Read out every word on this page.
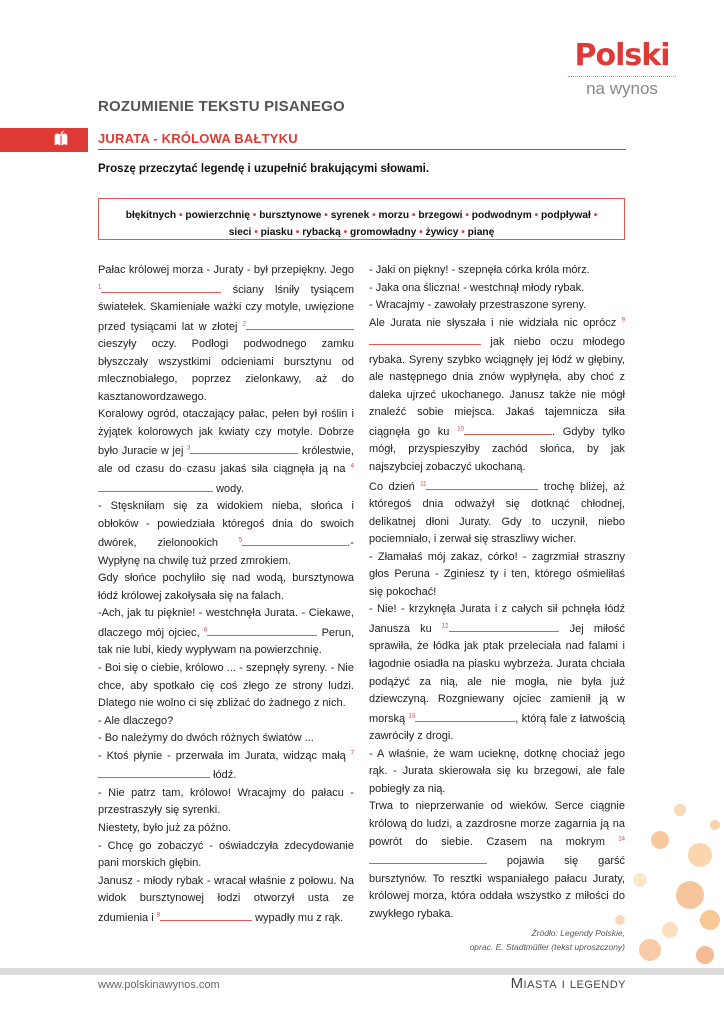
Polski
na wynos
ROZUMIENIE TEKSTU PISANEGO
JURATA - KRÓLOWA BAŁTYKU
Proszę przeczytać legendę i uzupełnić brakującymi słowami.
błękitnych • powierzchnię • bursztynowe • syrenek • morzu • brzegowi • podwodnym • podpływał •
sieci • piasku • rybacką • gromowładny • żywicy • pianę

Pałac królowej morza - Juraty - był przepiękny. Jego $^1$	ściany lśniły tysiącem światełek. Skamieniałe ważki czy motyle, uwięzione przed tysiącami lat w złotej $^2$ cieszyły oczy. Podłogi podwodnego zamku błyszczały wszystkimi odcieniami bursztynu od mlecznobiałego, poprzez zielonkawy, aż do kasztanowordzawego.

Koralowy ogród, otaczający pałac, pełen był roślin i żyjątek kolorowych jak kwiaty czy motyle. Dobrze było Juracie w jej $^3$	królestwie, ale od czasu do czasu jakaś siła ciągnęła ją na $^4$ wody.

- Stęskniłam się za widokiem nieba, słońca i obłoków - powiedziała któregoś dnia do swoich dwórek, zielonookich	$^5$	.- Wypłynę na chwilę tuż przed zmrokiem.

Gdy słońce pochyliło się nad wodą, bursztynowa łódź królowej zakołysała się na falach.

-Ach, jak tu pięknie! - westchnęła Jurata. - Ciekawe, dlaczego mój ojciec, $^6$	Perun, tak nie lubi, kiedy wypływam na powierzchnię.

- Boi się o ciebie, królowo ... - szepnęły syreny. - Nie chce, aby spotkało cię coś złego ze strony ludzi. Dlatego nie wolno ci się zbliżać do żadnego z nich.

- Ale dlaczego?

- Bo należymy do dwóch różnych światów ...

- Ktoś płynie - przerwała im Jurata, widząc małą $^7$ łódź.

- Nie patrz tam, królowo! Wracajmy do pałacu - przestraszyły się syrenki.

Niestety, było już za późno.

- Chcę go zobaczyć - oświadczyła zdecydowanie pani morskich głębin.

Janusz - młody rybak - wracał właśnie z połowu. Na widok bursztynowej łodzi otworzył usta ze zdumienia i $^8$	wypadły mu z rąk.

- Jaki on piękny! - szepnęła córka króla mórz.

- Jaka ona śliczna! - westchnął młody rybak.

- Wracajmy - zawołały przestraszone syreny.

Ale Jurata nie słyszała i nie widziała nic oprócz $^9$ jak niebo oczu młodego rybaka. Syreny szybko wciągnęły jej łódź w głębiny, ale następnego dnia znów wypłynęła, aby choć z daleka ujrzeć ukochanego. Janusz także nie mógł znaleźć sobie miejsca. Jakaś tajemnicza siła ciągnęła go ku $^{10}$	. Gdyby tylko mógł, przyspieszyłby zachód słońca, by jak najszybciej zobaczyć ukochaną.

Co dzień $^{11}$	trochę bliżej, aż któregoś dnia odważył się dotknąć chłodnej, delikatnej dłoni Juraty. Gdy to uczynił, niebo pociemniało, i zerwał się straszliwy wicher.

- Złamałaś mój zakaz, córko! - zagrzmiał straszny głos Peruna - Zginiesz ty i ten, którego ośmieliłaś się pokochać!

- Nie! - krzyknęła Jurata i z całych sił pchnęła łódź Janusza ku $^{12}$	. Jej miłość sprawiła, że łódka jak ptak przeleciała nad falami i łagodnie osiadła na piasku wybrzeża. Jurata chciała podążyć za nią, ale nie mogła, nie była już dziewczyną. Rozgniewany ojciec zamienił ją w morską $^{13}$	, którą fale z łatwością zawróciły z drogi.

- A właśnie, że wam ucieknę, dotknę chociaż jego rąk. - Jurata skierowała się ku brzegowi, ale fale pobiegły za nią.

Trwa to nieprzerwanie od wieków. Serce ciągnie królową do ludzi, a zazdrosne morze zagarnia ją na powrót do siebie. Czasem na mokrym $^{14}$ pojawia się garść bursztynów. To resztki wspaniałego pałacu Juraty, królowej morza, która oddała wszystko z miłości do zwykłego rybaka.

Źródło: Legendy Polskie,
oprac. E. Stadtmüller (tekst uproszczony)
www.polskinawynos.com	Miasta i legendy
